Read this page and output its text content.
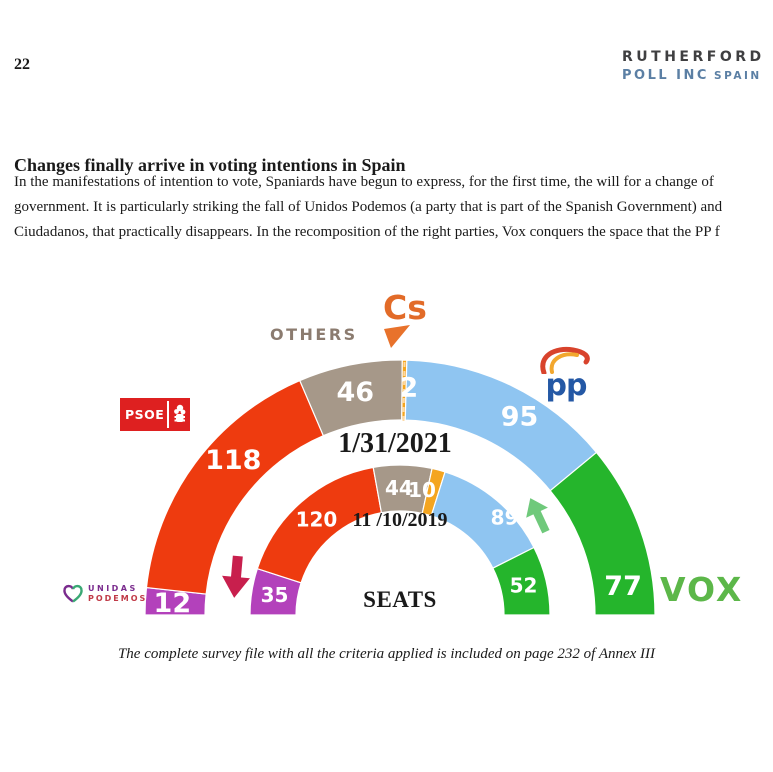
12
118
46 2
95
77
35
120
44
10
89
52
22	RUTHERFORD
POLL INC SPAIN
Changes finally arrive in voting intentions in Spain
In the manifestations of intention to vote, Spaniards have begun to express, for the first time, the will for a change of
government. It is particularly striking the fall of Unidos Podemos (a party that is part of the Spanish Government) and
Ciudadanos, that practically disappears. In the recomposition of the right parties, Vox conquers the space that the PP f
OTHERS
Cs
PSOE
pp
UNIDAS
PODEMOS	VOX
1/31/2021
11 /10/2019
SEATS
The complete survey file with all the criteria applied is included on page 232 of Annex III
